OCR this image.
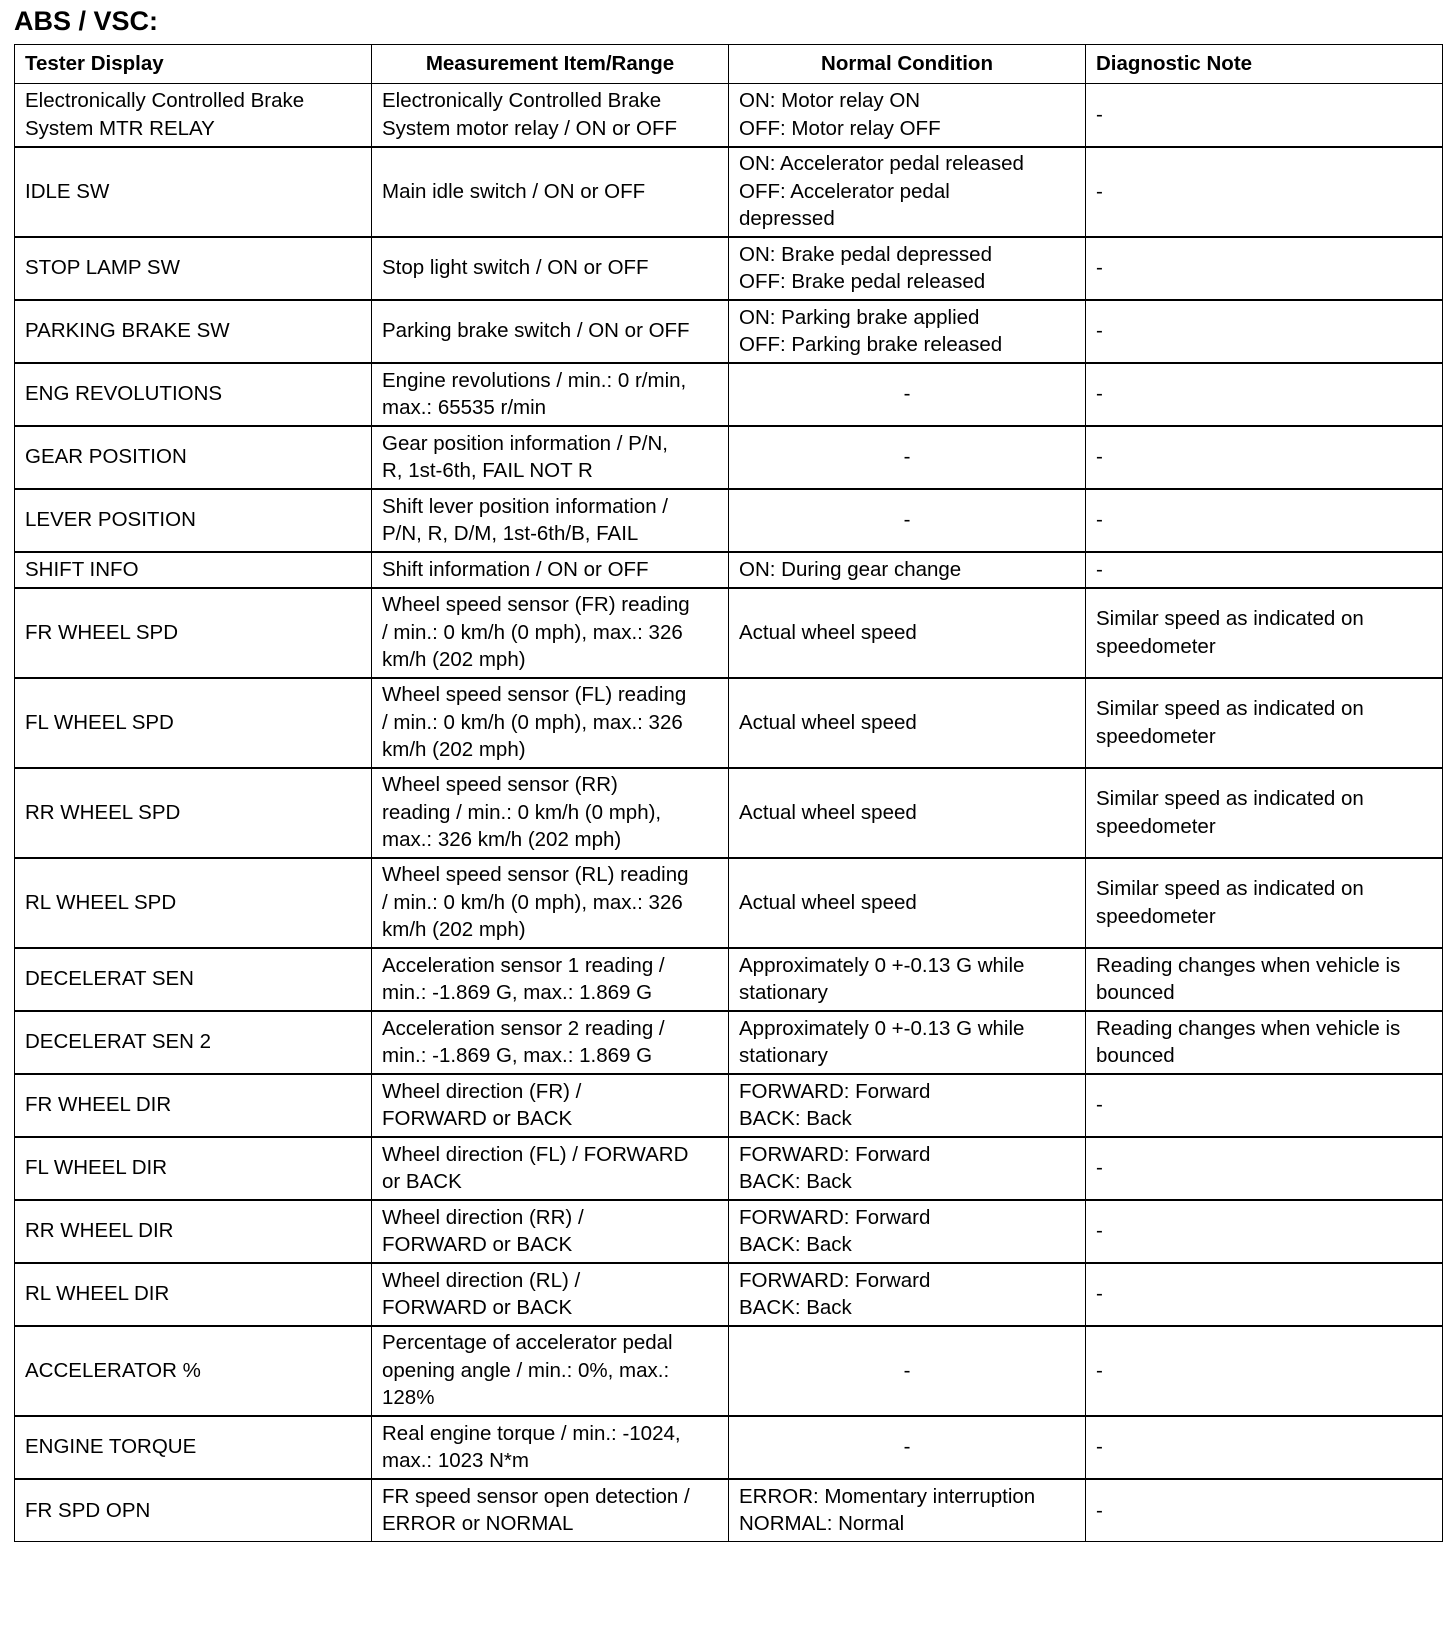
ABS / VSC:
Tester Display	Measurement Item/Range	Normal Condition	Diagnostic Note

Electronically Controlled Brake
System MTR RELAY	Electronically Controlled Brake
System motor relay / ON or OFF	ON: Motor relay ON
OFF: Motor relay OFF	-

IDLE SW	Main idle switch / ON or OFF	ON: Accelerator pedal released
OFF: Accelerator pedal
depressed	-

STOP LAMP SW	Stop light switch / ON or OFF	ON: Brake pedal depressed
OFF: Brake pedal released	-

PARKING BRAKE SW	Parking brake switch / ON or OFF	ON: Parking brake applied
OFF: Parking brake released	-

ENG REVOLUTIONS	Engine revolutions / min.: 0 r/min,
max.: 65535 r/min	-	-

GEAR POSITION	Gear position information / P/N,
R, 1st-6th, FAIL NOT R	-	-

LEVER POSITION	Shift lever position information /
P/N, R, D/M, 1st-6th/B, FAIL	-	-

SHIFT INFO	Shift information / ON or OFF	ON: During gear change	-

FR WHEEL SPD	Wheel speed sensor (FR) reading
/ min.: 0 km/h (0 mph), max.: 326
km/h (202 mph)	Actual wheel speed	Similar speed as indicated on
speedometer

FL WHEEL SPD	Wheel speed sensor (FL) reading
/ min.: 0 km/h (0 mph), max.: 326
km/h (202 mph)	Actual wheel speed	Similar speed as indicated on
speedometer

RR WHEEL SPD	Wheel speed sensor (RR)
reading / min.: 0 km/h (0 mph),
max.: 326 km/h (202 mph)	Actual wheel speed	Similar speed as indicated on
speedometer

RL WHEEL SPD	Wheel speed sensor (RL) reading
/ min.: 0 km/h (0 mph), max.: 326
km/h (202 mph)	Actual wheel speed	Similar speed as indicated on
speedometer

DECELERAT SEN	Acceleration sensor 1 reading /
min.: -1.869 G, max.: 1.869 G	Approximately 0 +-0.13 G while
stationary	Reading changes when vehicle is
bounced

DECELERAT SEN 2	Acceleration sensor 2 reading /
min.: -1.869 G, max.: 1.869 G	Approximately 0 +-0.13 G while
stationary	Reading changes when vehicle is
bounced

FR WHEEL DIR	Wheel direction (FR) /
FORWARD or BACK	FORWARD: Forward
BACK: Back	-

FL WHEEL DIR	Wheel direction (FL) / FORWARD
or BACK	FORWARD: Forward
BACK: Back	-

RR WHEEL DIR	Wheel direction (RR) /
FORWARD or BACK	FORWARD: Forward
BACK: Back	-

RL WHEEL DIR	Wheel direction (RL) /
FORWARD or BACK	FORWARD: Forward
BACK: Back	-

ACCELERATOR %	Percentage of accelerator pedal
opening angle / min.: 0%, max.:
128%	-	-

ENGINE TORQUE	Real engine torque / min.: -1024,
max.: 1023 N*m	-	-

FR SPD OPN	FR speed sensor open detection /
ERROR or NORMAL	ERROR: Momentary interruption
NORMAL: Normal	-
